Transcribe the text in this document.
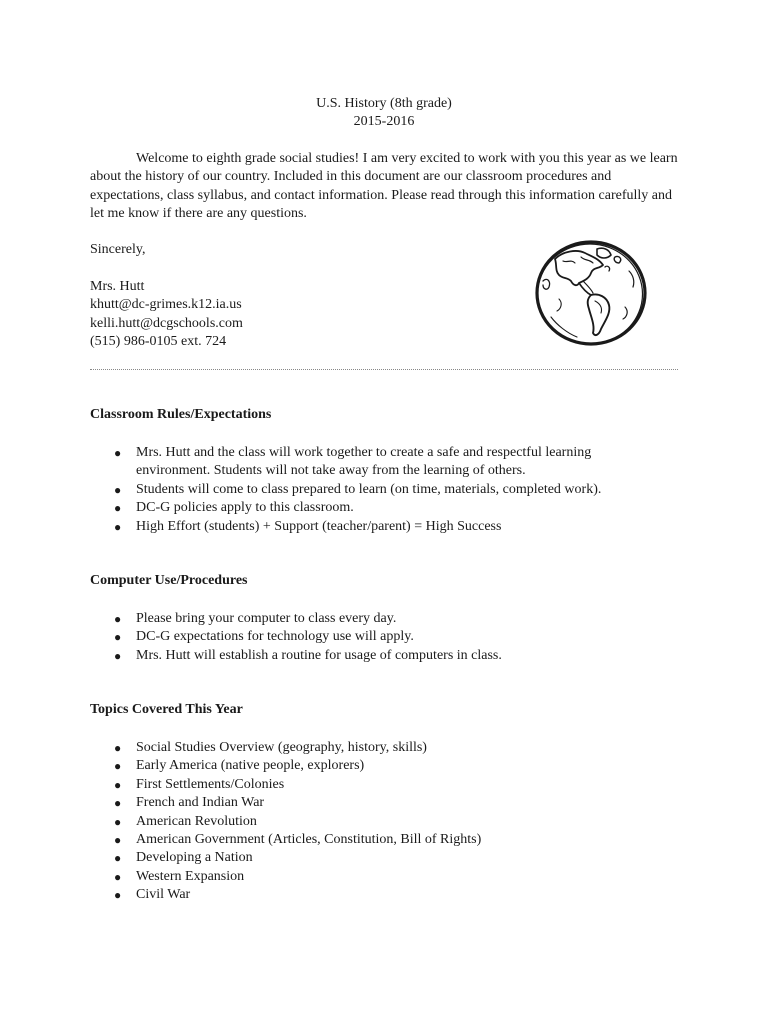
U.S. History (8th grade)
2015-2016
Welcome to eighth grade social studies! I am very excited to work with you this year as we learn about the history of our country. Included in this document are our classroom procedures and expectations, class syllabus, and contact information. Please read through this information carefully and let me know if there are any questions.
Sincerely,
Mrs. Hutt
khutt@dc-grimes.k12.ia.us
kelli.hutt@dcgschools.com
(515) 986-0105 ext. 724
Classroom Rules/Expectations
● Mrs. Hutt and the class will work together to create a safe and respectful learning environment. Students will not take away from the learning of others.
● Students will come to class prepared to learn (on time, materials, completed work).
● DC-G policies apply to this classroom.
● High Effort (students) + Support (teacher/parent) = High Success
Computer Use/Procedures
● Please bring your computer to class every day.
● DC-G expectations for technology use will apply.
● Mrs. Hutt will establish a routine for usage of computers in class.
Topics Covered This Year
● Social Studies Overview (geography, history, skills)
● Early America (native people, explorers)
● First Settlements/Colonies
● French and Indian War
● American Revolution
● American Government (Articles, Constitution, Bill of Rights)
● Developing a Nation
● Western Expansion
● Civil War
